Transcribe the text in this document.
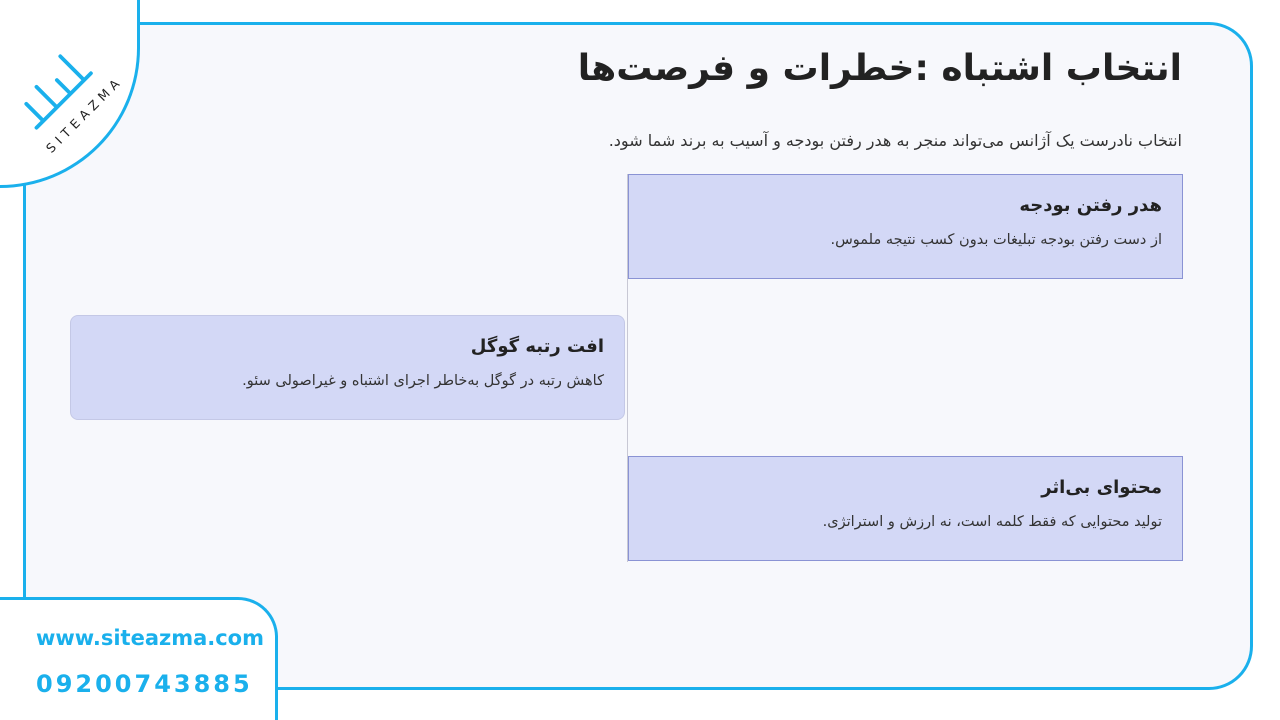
SITEAZMA
www.siteazma.com
09200743885
انتخاب اشتباه :خطرات و فرصت‌ها
انتخاب نادرست یک آژانس می‌تواند منجر به هدر رفتن بودجه و آسیب به برند شما شود.
هدر رفتن بودجه

از دست رفتن بودجه تبلیغات بدون کسب نتیجه ملموس.

افت رتبه گوگل

کاهش رتبه در گوگل به‌خاطر اجرای اشتباه و غیراصولی سئو.

محتوای بی‌اثر

تولید محتوایی که فقط کلمه است، نه ارزش و استراتژی.
